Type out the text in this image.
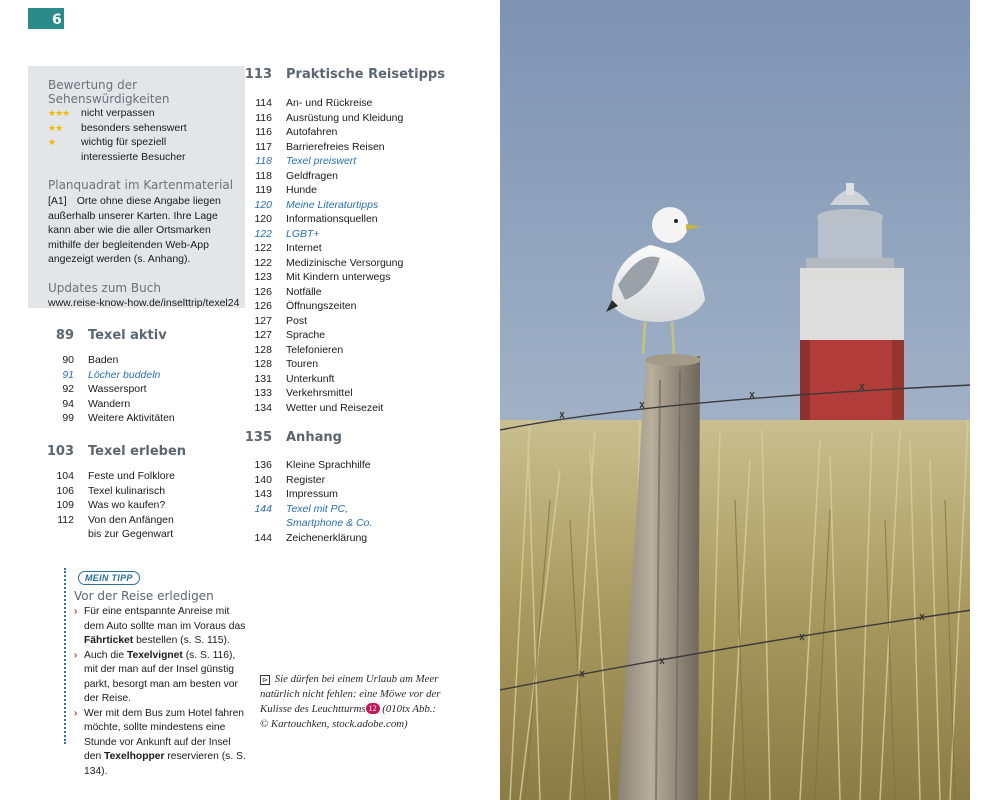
6 Inhalt
Bewertung der
Sehenswürdigkeiten
★★★	nicht verpassen
★★	besonders sehenswert
★	wichtig für speziell
interessierte Besucher
Planquadrat im Kartenmaterial
[A1] Orte ohne diese Angabe liegen außerhalb unserer Karten. Ihre Lage kann aber wie die aller Ortsmarken mithilfe der begleitenden Web-App angezeigt werden (s. Anhang).
Updates zum Buch
www.reise-know-how.de/inselttrip/texel24
89 Texel aktiv
90 Baden
91 Löcher buddeln
92 Wassersport
94 Wandern
99 Weitere Aktivitäten
103 Texel erleben
104 Feste und Folklore
106 Texel kulinarisch
109 Was wo kaufen?
112 Von den Anfängen
bis zur Gegenwart
113 Praktische Reisetipps
114 An- und Rückreise
116 Ausrüstung und Kleidung
116 Autofahren
117 Barrierefreies Reisen
118 Texel preiswert
118 Geldfragen
119 Hunde
120 Meine Literaturtipps
120 Informationsquellen
122 LGBT+
122 Internet
122 Medizinische Versorgung
123 Mit Kindern unterwegs
126 Notfälle
126 Öffnungszeiten
127 Post
127 Sprache
128 Telefonieren
128 Touren
131 Unterkunft
133 Verkehrsmittel
134 Wetter und Reisezeit
135 Anhang
136 Kleine Sprachhilfe
140 Register
143 Impressum
144 Texel mit PC,
Smartphone & Co.
144 Zeichenerklärung
MEIN TIPP
Vor der Reise erledigen
› Für eine entspannte Anreise mit dem Auto sollte man im Voraus das Fährticket bestellen (s. S. 115).
› Auch die Texelvignet (s. S. 116), mit der man auf der Insel günstig parkt, besorgt man am besten vor der Reise.
› Wer mit dem Bus zum Hotel fahren möchte, sollte mindestens eine Stunde vor Ankunft auf der Insel den Texelhopper reservieren (s. S. 134).
⊳ Sie dürfen bei einem Urlaub am Meer natürlich nicht fehlen: eine Möwe vor der Kulisse des Leuchtturms 12 (010tx Abb.: © Kartouchken, stock.adobe.com)
